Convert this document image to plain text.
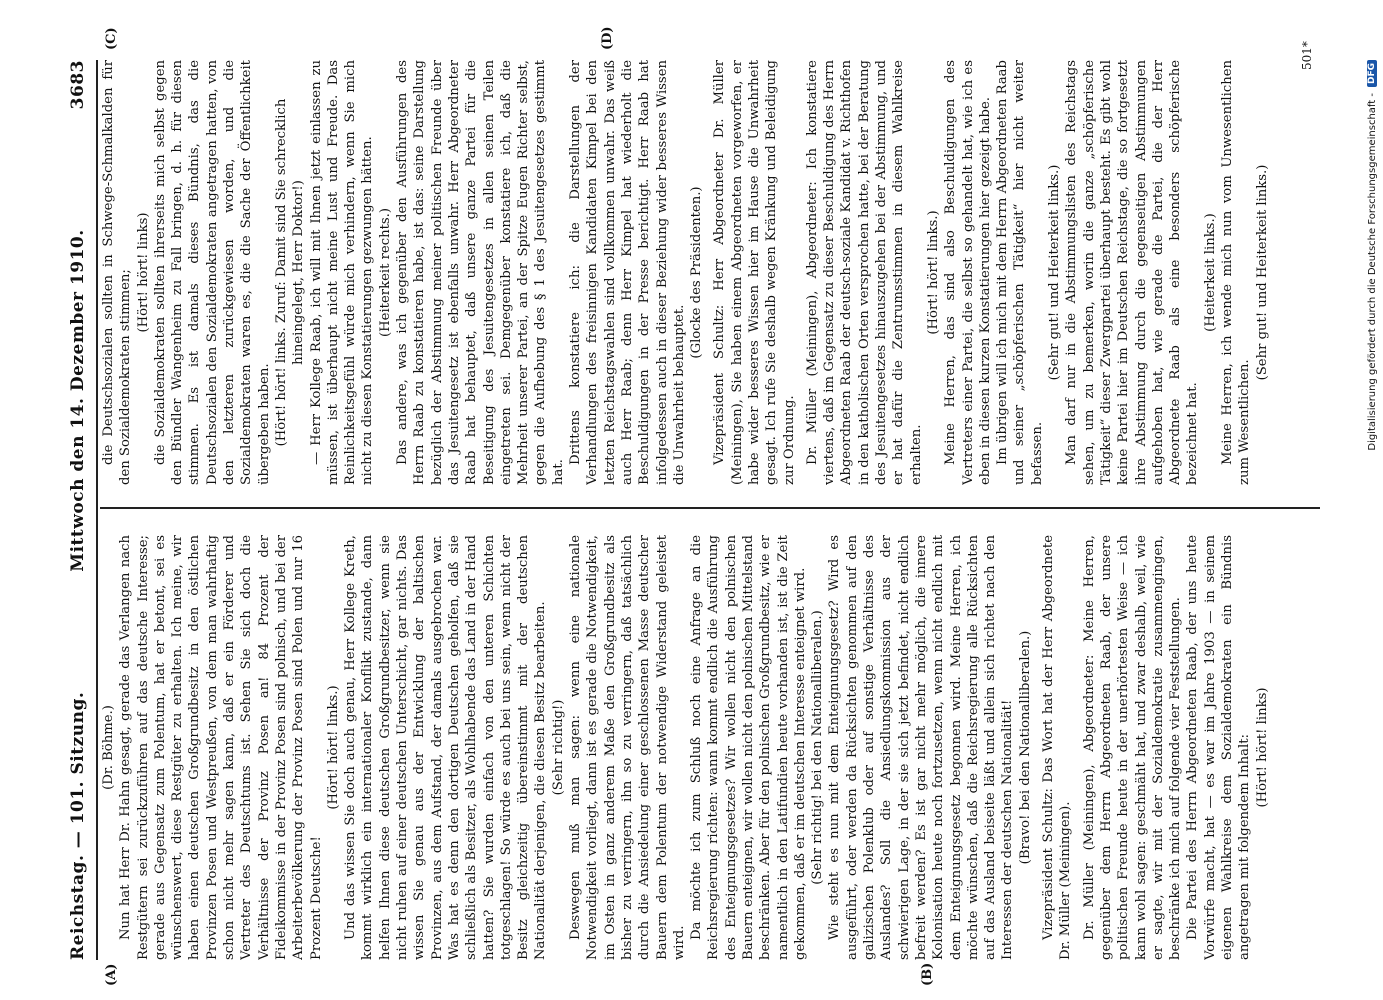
Reichstag. — 101. Sitzung.
Mittwoch den 14. Dezember 1910.
3683
(A)	(B)
(C)	(D)

(Dr. Böhme.) Nun hat Herr Dr. Hahn gesagt, gerade das Verlangen nach Restgütern sei zurückzuführen auf das deutsche Interesse; gerade aus Gegensatz zum Polentum, hat er betont, sei es wünschenswert, diese Restgüter zu erhalten. Ich meine, wir haben einen deutschen Großgrundbesitz in den östlichen Provinzen Posen und Westpreußen, von dem man wahrhaftig schon nicht mehr sagen kann, daß er ein Förderer und Vertreter des Deutschtums ist. Sehen Sie sich doch die Verhältnisse der Provinz Posen an! 84 Prozent der Fideikommisse in der Provinz Posen sind polnisch, und bei der Arbeiterbevölkerung der Provinz Posen sind Polen und nur 16 Prozent Deutsche!

(Hört! hört! links.) Und das wissen Sie doch auch genau, Herr Kollege Kreth, kommt wirklich ein internationaler Konflikt zustande, dann helfen Ihnen diese deutschen Großgrundbesitzer, wenn sie nicht ruhen auf einer deutschen Unterschicht, gar nichts. Das wissen Sie genau aus der Entwicklung der baltischen Provinzen, aus dem Aufstand, der damals ausgebrochen war. Was hat es denn den dortigen Deutschen geholfen, daß sie schließlich als Besitzer, als Wohlhabende das Land in der Hand hatten? Sie wurden einfach von den unteren Schichten totgeschlagen! So würde es auch bei uns sein, wenn nicht der Besitz gleichzeitig übereinstimmt mit der deutschen Nationalität derjenigen, die diesen Besitz bearbeiten. (Sehr richtig!) Deswegen muß man sagen: wenn eine nationale Notwendigkeit vorliegt, dann ist es gerade die Notwendigkeit, im Osten in ganz anderem Maße den Großgrundbesitz als bisher zu verringern, ihn so zu verringern, daß tatsächlich durch die Ansiedelung einer geschlossenen Masse deutscher Bauern dem Polentum der notwendige Widerstand geleistet wird.

Da möchte ich zum Schluß noch eine Anfrage an die Reichsregierung richten: wann kommt endlich die Ausführung des Enteignungsgesetzes? Wir wollen nicht den polnischen Bauern enteignen, wir wollen nicht den polnischen Mittelstand beschränken. Aber für den polnischen Großgrundbesitz, wie er namentlich in den Latifundien heute vorhanden ist, ist die Zeit gekommen, daß er im deutschen Interesse enteignet wird. (Sehr richtig! bei den Nationalliberalen.) Wie steht es nun mit dem Enteignungsgesetz? Wird es ausgeführt, oder werden da Rücksichten genommen auf den galizischen Polenklub oder auf sonstige Verhältnisse des Auslandes? Soll die Ansiedlungskommission aus der schwierigen Lage, in der sie sich jetzt befindet, nicht endlich befreit werden? Es ist gar nicht mehr möglich, die innere Kolonisation heute noch fortzusetzen, wenn nicht endlich mit dem Enteignungsgesetz begonnen wird. Meine Herren, ich möchte wünschen, daß die Reichsregierung alle Rücksichten auf das Ausland beiseite läßt und allein sich richtet nach den Interessen der deutschen Nationalität! (Bravo! bei den Nationalliberalen.) Vizepräsident Schultz: Das Wort hat der Herr Abgeordnete Dr. Müller (Meiningen). Dr. Müller (Meiningen), Abgeordneter: Meine Herren, gegenüber dem Herrn Abgeordneten Raab, der unsere politischen Freunde heute in der unerhörtesten Weise — ich kann wohl sagen: geschmäht hat, und zwar deshalb, weil, wie er sagte, wir mit der Sozialdemokratie zusammengingen, beschränke ich mich auf folgende vier Feststellungen. Die Partei des Herrn Abgeordneten Raab, der uns heute Vorwürfe macht, hat — es war im Jahre 1903 — in seinem eigenen Wahlkreise dem Sozialdemokraten ein Bündnis angetragen mit folgendem Inhalt: (Hört! hört! links)

die Deutschsozialen sollten in Schwege-Schmalkalden für den Sozialdemokraten stimmen; (Hört! hört! links) die Sozialdemokraten sollten ihrerseits mich selbst gegen den Bündler Wangenheim zu Fall bringen, d. h. für diesen stimmen. Es ist damals dieses Bündnis, das die Deutschsozialen den Sozialdemokraten angetragen hatten, von den letzteren zurückgewiesen worden, und die Sozialdemokraten waren es, die die Sache der Öffentlichkeit übergeben haben. (Hört! hört! links. Zuruf: Damit sind Sie schrecklich hineingelegt, Herr Doktor!) — Herr Kollege Raab, ich will mit Ihnen jetzt einlassen zu müssen, ist überhaupt nicht meine Lust und Freude. Das Reinlichkeitsgefühl würde mich verhindern, wenn Sie mich nicht zu diesen Konstatierungen gezwungen hätten. (Heiterkeit rechts.) Das andere, was ich gegenüber den Ausführungen des Herrn Raab zu konstatieren habe, ist das: seine Darstellung bezüglich der Abstimmung meiner politischen Freunde über das Jesuitengesetz ist ebenfalls unwahr. Herr Abgeordneter Raab hat behauptet, daß unsere ganze Partei für die Beseitigung des Jesuitengesetzes in allen seinen Teilen eingetreten sei. Demgegenüber konstatiere ich, daß die Mehrheit unserer Partei, an der Spitze Eugen Richter selbst, gegen die Aufhebung des § 1 des Jesuitengesetzes gestimmt hat.

Drittens konstatiere ich: die Darstellungen der Verhandlungen des freisinnigen Kandidaten Kimpel bei den letzten Reichstagswahlen sind vollkommen unwahr. Das weiß auch Herr Raab; denn Herr Kimpel hat wiederholt die Beschuldigungen in der Presse berichtigt. Herr Raab hat infolgedessen auch in dieser Beziehung wider besseres Wissen die Unwahrheit behauptet.

(Glocke des Präsidenten.) Vizepräsident Schultz: Herr Abgeordneter Dr. Müller (Meiningen), Sie haben einem Abgeordneten vorgeworfen, er habe wider besseres Wissen hier im Hause die Unwahrheit gesagt. Ich rufe Sie deshalb wegen Kränkung und Beleidigung zur Ordnung. Dr. Müller (Meiningen), Abgeordneter: Ich konstatiere viertens, daß im Gegensatz zu dieser Beschuldigung des Herrn Abgeordneten Raab der deutsch-soziale Kandidat v. Richthofen in den katholischen Orten versprochen hatte, bei der Beratung des Jesuitengesetzes hinauszugehen bei der Abstimmung, und er hat dafür die Zentrumsstimmen in diesem Wahlkreise erhalten.

(Hört! hört! links.) Meine Herren, das sind also Beschuldigungen des Vertreters einer Partei, die selbst so gehandelt hat, wie ich es eben in diesen kurzen Konstatierungen hier gezeigt habe. Im übrigen will ich mich mit dem Herrn Abgeordneten Raab und seiner „schöpferischen Tätigkeit“ hier nicht weiter befassen.

(Sehr gut! und Heiterkeit links.) Man darf nur in die Abstimmungslisten des Reichstags sehen, um zu bemerken, worin die ganze „schöpferische Tätigkeit“ dieser Zwergpartei überhaupt besteht. Es gibt wohl keine Partei hier im Deutschen Reichstage, die so fortgesetzt ihre Abstimmung durch die gegenseitigen Abstimmungen aufgehoben hat, wie gerade die Partei, die der Herr Abgeordnete Raab als eine besonders schöpferische bezeichnet hat.

(Heiterkeit links.) Meine Herren, ich wende mich nun vom Unwesentlichen zum Wesentlichen.

(Sehr gut! und Heiterkeit links.)

501*
Digitalisierung gefördert durch die Deutsche Forschungsgemeinschaft -
DFG
